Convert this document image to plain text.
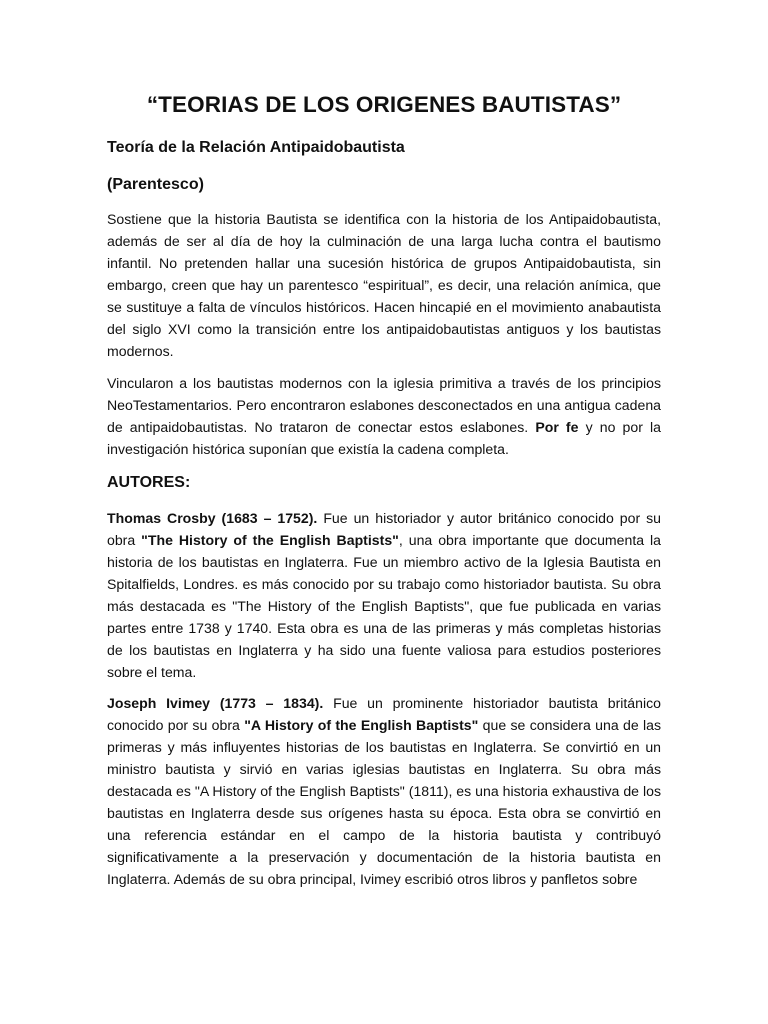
“TEORIAS DE LOS ORIGENES BAUTISTAS”
Teoría de la Relación Antipaidobautista
(Parentesco)

Sostiene que la historia Bautista se identifica con la historia de los Antipaidobautista, además de ser al día de hoy la culminación de una larga lucha contra el bautismo infantil. No pretenden hallar una sucesión histórica de grupos Antipaidobautista, sin embargo, creen que hay un parentesco “espiritual”, es decir, una relación anímica, que se sustituye a falta de vínculos históricos. Hacen hincapié en el movimiento anabautista del siglo XVI como la transición entre los antipaidobautistas antiguos y los bautistas modernos.

Vincularon a los bautistas modernos con la iglesia primitiva a través de los principios NeoTestamentarios. Pero encontraron eslabones desconectados en una antigua cadena de antipaidobautistas. No trataron de conectar estos eslabones. Por fe y no por la investigación histórica suponían que existía la cadena completa.

AUTORES:

Thomas Crosby (1683 – 1752). Fue un historiador y autor británico conocido por su obra "The History of the English Baptists", una obra importante que documenta la historia de los bautistas en Inglaterra. Fue un miembro activo de la Iglesia Bautista en Spitalfields, Londres. es más conocido por su trabajo como historiador bautista. Su obra más destacada es "The History of the English Baptists", que fue publicada en varias partes entre 1738 y 1740. Esta obra es una de las primeras y más completas historias de los bautistas en Inglaterra y ha sido una fuente valiosa para estudios posteriores sobre el tema.

Joseph Ivimey (1773 – 1834). Fue un prominente historiador bautista británico conocido por su obra "A History of the English Baptists" que se considera una de las primeras y más influyentes historias de los bautistas en Inglaterra. Se convirtió en un ministro bautista y sirvió en varias iglesias bautistas en Inglaterra. Su obra más destacada es "A History of the English Baptists" (1811), es una historia exhaustiva de los bautistas en Inglaterra desde sus orígenes hasta su época. Esta obra se convirtió en una referencia estándar en el campo de la historia bautista y contribuyó significativamente a la preservación y documentación de la historia bautista en Inglaterra. Además de su obra principal, Ivimey escribió otros libros y panfletos sobre
